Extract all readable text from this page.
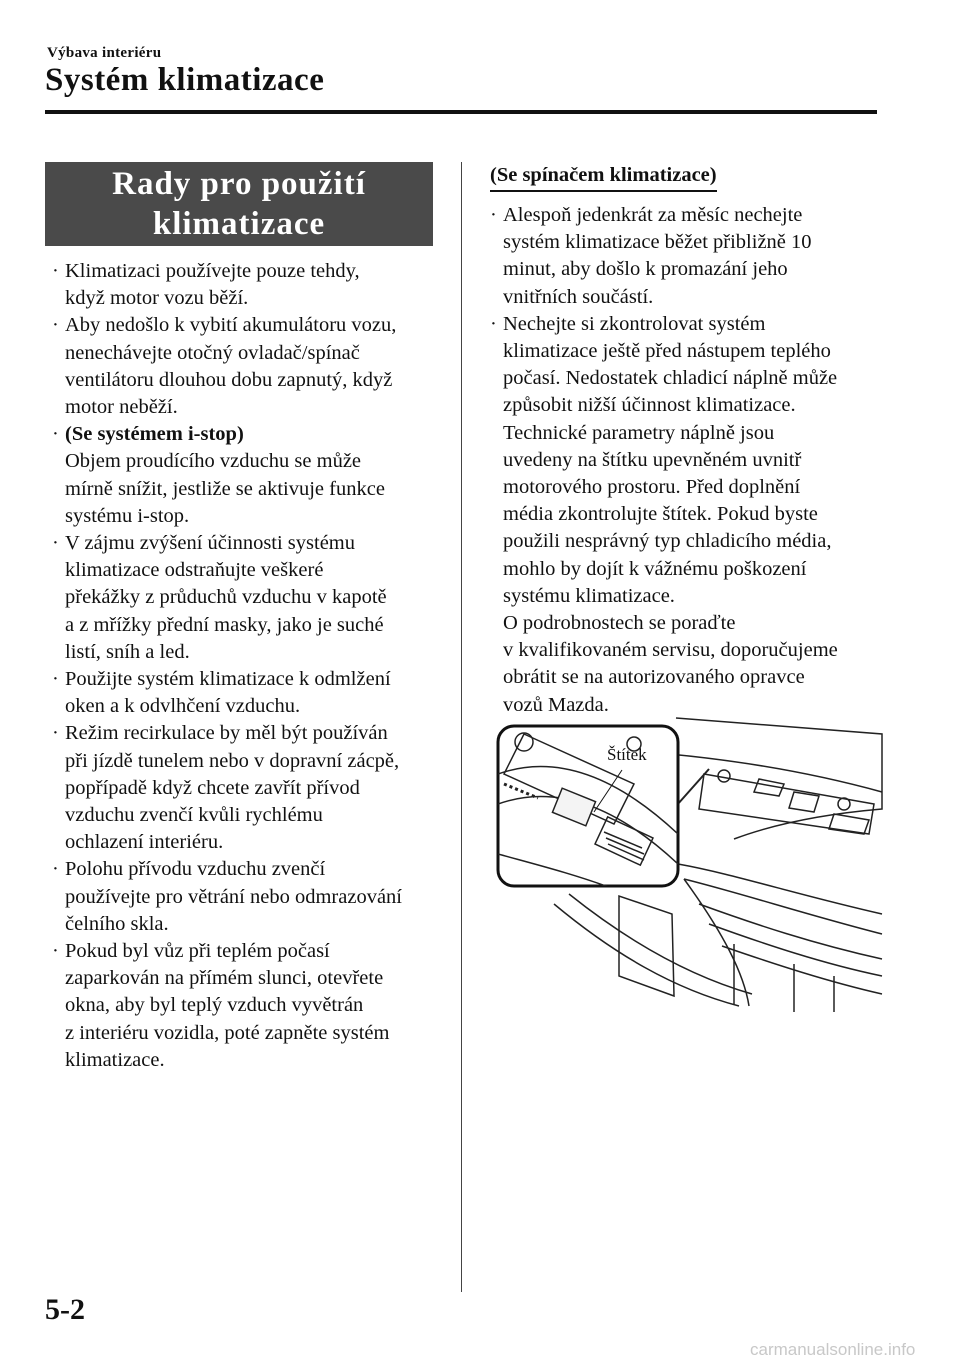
Výbava interiéru
Systém klimatizace
Rady pro použití
klimatizace
· Klimatizaci používejte pouze tehdy,
když motor vozu běží.
· Aby nedošlo k vybití akumulátoru vozu,
nenechávejte otočný ovladač/spínač
ventilátoru dlouhou dobu zapnutý, když
motor neběží.
· (Se systémem i-stop)
Objem proudícího vzduchu se může
mírně snížit, jestliže se aktivuje funkce
systému i-stop.
· V zájmu zvýšení účinnosti systému
klimatizace odstraňujte veškeré
překážky z průduchů vzduchu v kapotě
a z mřížky přední masky, jako je suché
listí, sníh a led.
· Použijte systém klimatizace k odmlžení
oken a k odvlhčení vzduchu.
· Režim recirkulace by měl být používán
při jízdě tunelem nebo v dopravní zácpě,
popřípadě když chcete zavřít přívod
vzduchu zvenčí kvůli rychlému
ochlazení interiéru.
· Polohu přívodu vzduchu zvenčí
používejte pro větrání nebo odmrazování
čelního skla.
· Pokud byl vůz při teplém počasí
zaparkován na přímém slunci, otevřete
okna, aby byl teplý vzduch vyvětrán
z interiéru vozidla, poté zapněte systém
klimatizace.
(Se spínačem klimatizace)
· Alespoň jedenkrát za měsíc nechejte
systém klimatizace běžet přibližně 10
minut, aby došlo k promazání jeho
vnitřních součástí.
· Nechejte si zkontrolovat systém
klimatizace ještě před nástupem teplého
počasí. Nedostatek chladicí náplně může
způsobit nižší účinnost klimatizace.
Technické parametry náplně jsou
uvedeny na štítku upevněném uvnitř
motorového prostoru. Před doplnění
média zkontrolujte štítek. Pokud byste
použili nesprávný typ chladicího média,
mohlo by dojít k vážnému poškození
systému klimatizace.
O podrobnostech se poraďte
v kvalifikovaném servisu, doporučujeme
obrátit se na autorizovaného opravce
vozů Mazda.
Štítek
5-2
carmanualsonline.info
